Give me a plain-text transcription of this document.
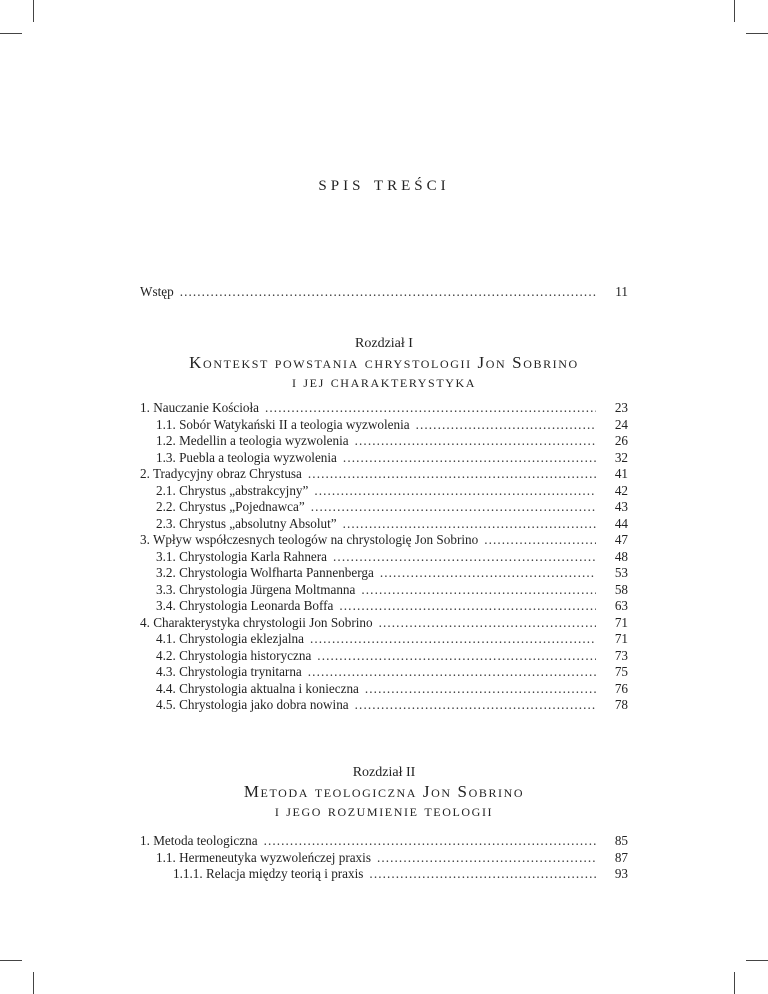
spis treści
Wstęp . . .	11
Rozdział I
Kontekst powstania chrystologii Jon Sobrino
i jej charakterystyka
1. Nauczanie Kościoła . . .	23
1.1. Sobór Watykański II a teologia wyzwolenia . . .	24
1.2. Medellin a teologia wyzwolenia . . .	26
1.3. Puebla a teologia wyzwolenia . . .	32
2. Tradycyjny obraz Chrystusa . . .	41
2.1. Chrystus „abstrakcyjny” . . .	42
2.2. Chrystus „Pojednawca” . . .	43
2.3. Chrystus „absolutny Absolut” . . .	44
3. Wpływ współczesnych teologów na chrystologię Jon Sobrino . . .	47
3.1. Chrystologia Karla Rahnera . . .	48
3.2. Chrystologia Wolfharta Pannenberga . . .	53
3.3. Chrystologia Jürgena Moltmanna . . .	58
3.4. Chrystologia Leonarda Boffa . . .	63
4. Charakterystyka chrystologii Jon Sobrino . . .	71
4.1. Chrystologia eklezjalna . . .	71
4.2. Chrystologia historyczna . . .	73
4.3. Chrystologia trynitarna . . .	75
4.4. Chrystologia aktualna i konieczna . . .	76
4.5. Chrystologia jako dobra nowina . . .	78
Rozdział II
Metoda teologiczna Jon Sobrino
i jego rozumienie teologii
1. Metoda teologiczna . . .	85
1.1. Hermeneutyka wyzwoleńczej praxis . . .	87
1.1.1. Relacja między teorią i praxis . . .	93
